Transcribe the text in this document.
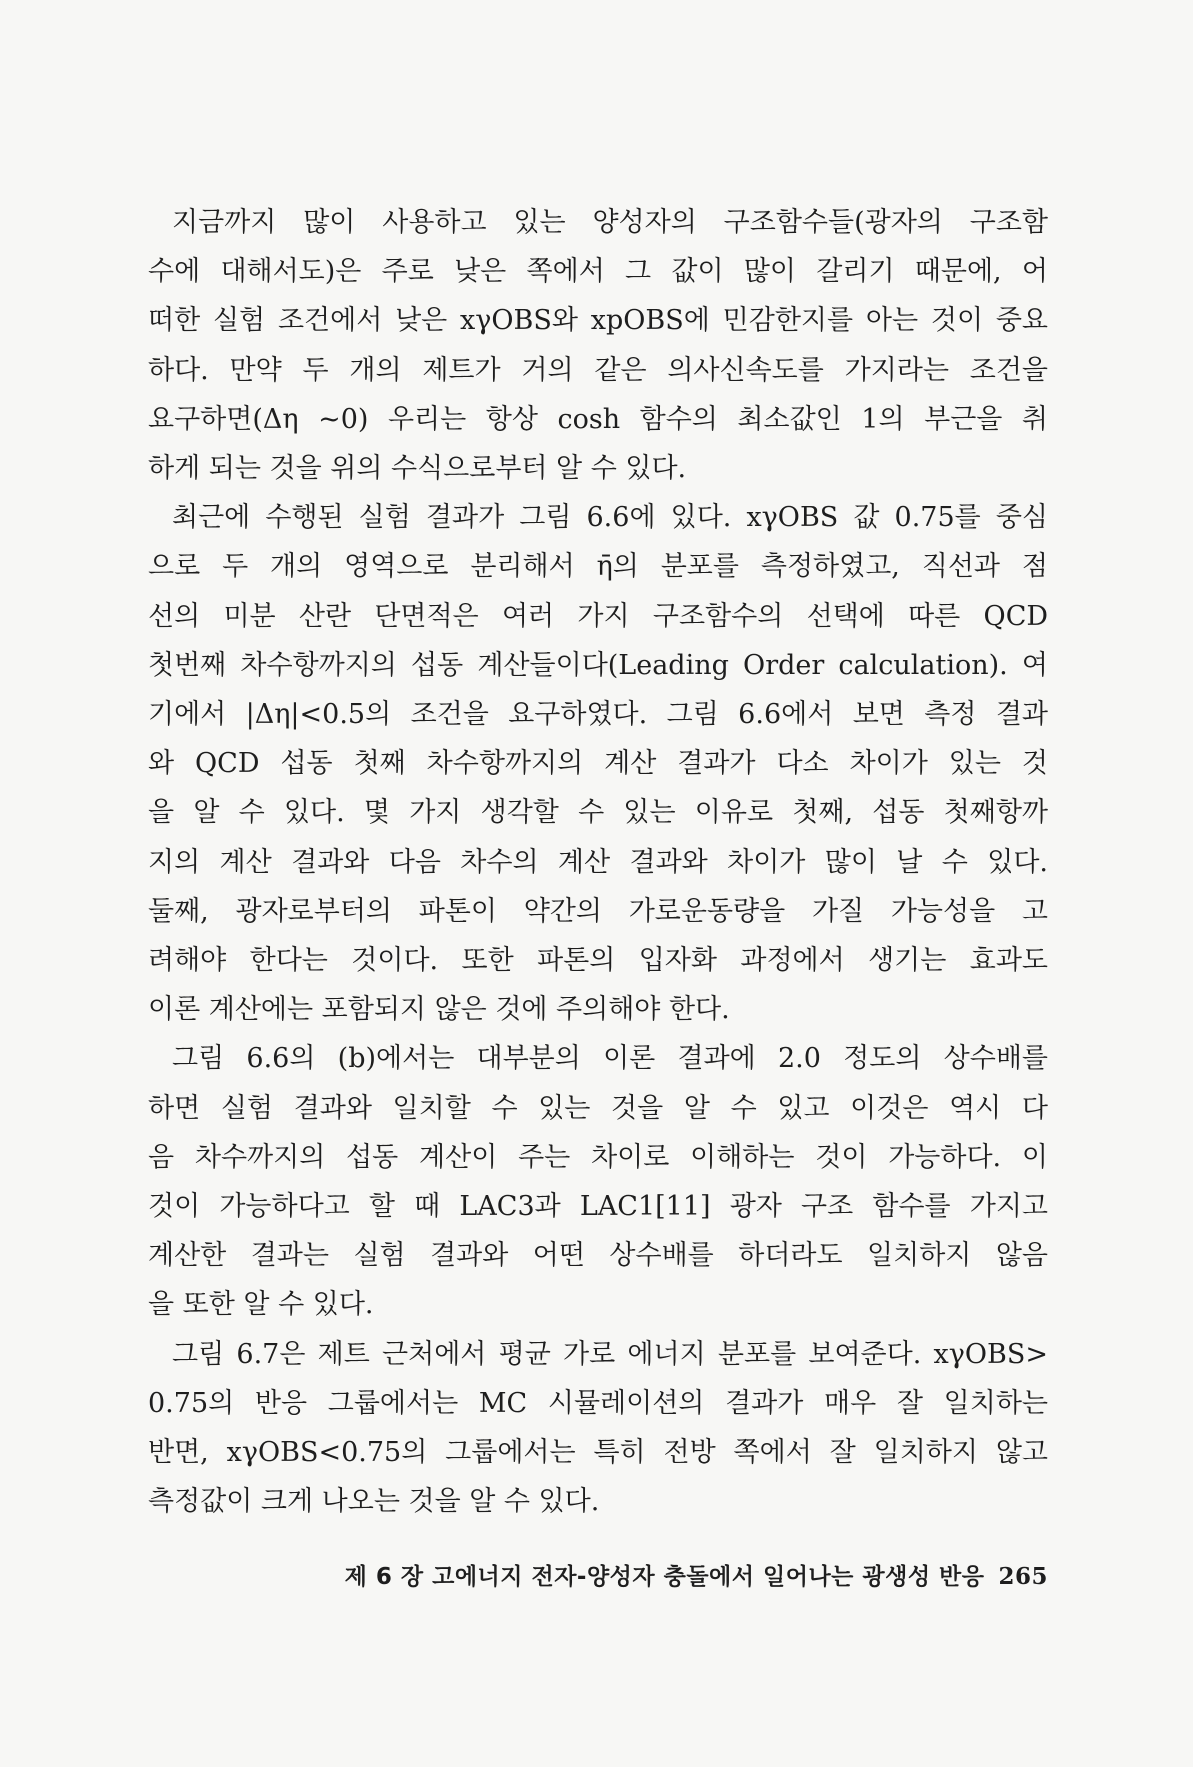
지금까지 많이 사용하고 있는 양성자의 구조함수들(광자의 구조함
수에 대해서도)은 주로 낮은 쪽에서 그 값이 많이 갈리기 때문에, 어
떠한 실험 조건에서 낮은 xγOBS와 xpOBS에 민감한지를 아는 것이 중요
하다. 만약 두 개의 제트가 거의 같은 의사신속도를 가지라는 조건을
요구하면(Δη ~0) 우리는 항상 cosh 함수의 최소값인 1의 부근을 취
하게 되는 것을 위의 수식으로부터 알 수 있다.
최근에 수행된 실험 결과가 그림 6.6에 있다. xγOBS 값 0.75를 중심
으로 두 개의 영역으로 분리해서 η̄의 분포를 측정하였고, 직선과 점
선의 미분 산란 단면적은 여러 가지 구조함수의 선택에 따른 QCD
첫번째 차수항까지의 섭동 계산들이다(Leading Order calculation). 여
기에서 |Δη|<0.5의 조건을 요구하였다. 그림 6.6에서 보면 측정 결과
와 QCD 섭동 첫째 차수항까지의 계산 결과가 다소 차이가 있는 것
을 알 수 있다. 몇 가지 생각할 수 있는 이유로 첫째, 섭동 첫째항까
지의 계산 결과와 다음 차수의 계산 결과와 차이가 많이 날 수 있다.
둘째, 광자로부터의 파톤이 약간의 가로운동량을 가질 가능성을 고
려해야 한다는 것이다. 또한 파톤의 입자화 과정에서 생기는 효과도
이론 계산에는 포함되지 않은 것에 주의해야 한다.
그림 6.6의 (b)에서는 대부분의 이론 결과에 2.0 정도의 상수배를
하면 실험 결과와 일치할 수 있는 것을 알 수 있고 이것은 역시 다
음 차수까지의 섭동 계산이 주는 차이로 이해하는 것이 가능하다. 이
것이 가능하다고 할 때 LAC3과 LAC1[11] 광자 구조 함수를 가지고
계산한 결과는 실험 결과와 어떤 상수배를 하더라도 일치하지 않음
을 또한 알 수 있다.
그림 6.7은 제트 근처에서 평균 가로 에너지 분포를 보여준다. xγOBS>
0.75의 반응 그룹에서는 MC 시뮬레이션의 결과가 매우 잘 일치하는
반면, xγOBS<0.75의 그룹에서는 특히 전방 쪽에서 잘 일치하지 않고
측정값이 크게 나오는 것을 알 수 있다.
제 6 장 고에너지 전자-양성자 충돌에서 일어나는 광생성 반응 265
